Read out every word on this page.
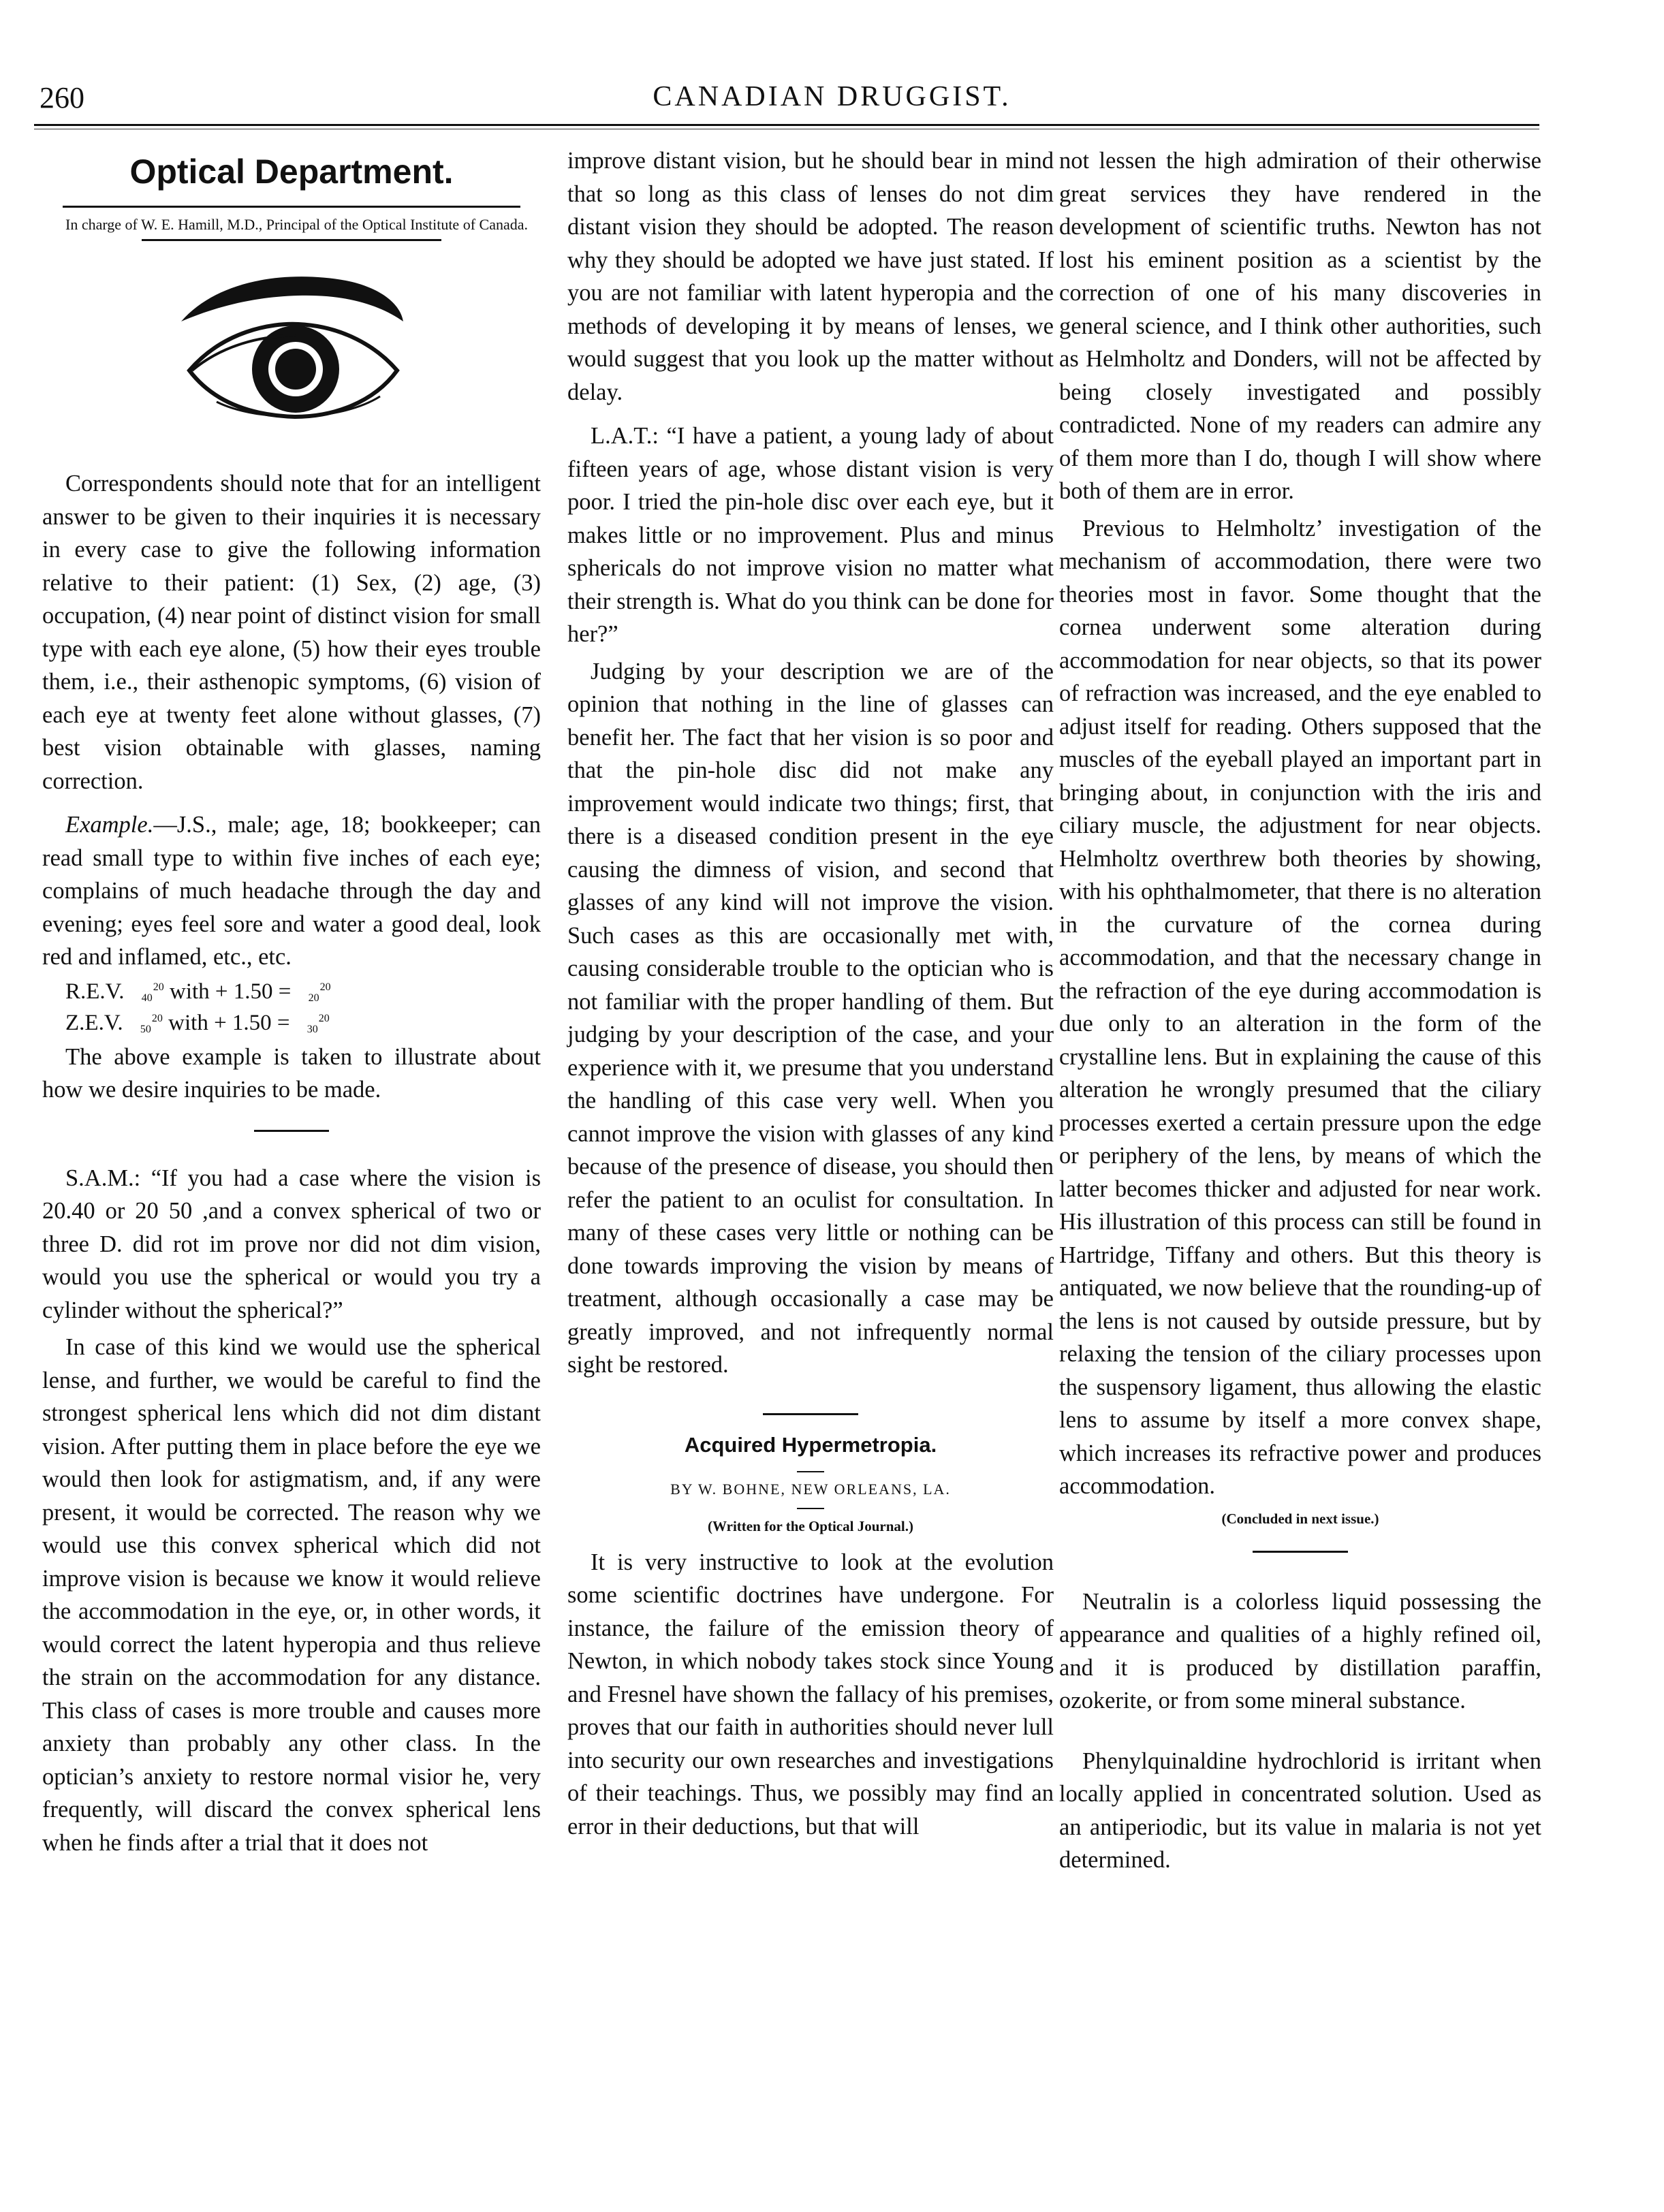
260	CANADIAN DRUGGIST.
Optical Department.

In charge of W. E. Hamill, M.D., Principal of the Optical Institute of Canada.

Correspondents should note that for an intelligent answer to be given to their inquiries it is necessary in every case to give the following information relative to their patient: (1) Sex, (2) age, (3) occupation, (4) near point of distinct vision for small type with each eye alone, (5) how their eyes trouble them, i.e., their asthenopic symptoms, (6) vision of each eye at twenty feet alone without glasses, (7) best vision obtainable with glasses, naming correction.

Example.—J.S., male; age, 18; bookkeeper; can read small type to within five inches of each eye; complains of much headache through the day and evening; eyes feel sore and water a good deal, look red and inflamed, etc., etc.

R.E.V.	20
40 with + 1.50 =	20
20

Z.E.V.	20
50 with + 1.50 =	20
30

The above example is taken to illustrate about how we desire inquiries to be made.

S.A.M.: “If you had a case where the vision is 20.40 or 20 50 ,and a convex spherical of two or three D. did rot im prove nor did not dim vision, would you use the spherical or would you try a cylinder without the spherical?”

In case of this kind we would use the spherical lense, and further, we would be careful to find the strongest spherical lens which did not dim distant vision. After putting them in place before the eye we would then look for astigmatism, and, if any were present, it would be corrected. The reason why we would use this convex spherical which did not improve vision is because we know it would relieve the accommodation in the eye, or, in other words, it would correct the latent hyperopia and thus relieve the strain on the accommodation for any distance. This class of cases is more trouble and causes more anxiety than probably any other class. In the optician’s anxiety to restore normal visior he, very frequently, will discard the convex spherical lens when he finds after a trial that it does not

improve distant vision, but he should bear in mind that so long as this class of lenses do not dim distant vision they should be adopted. The reason why they should be adopted we have just stated. If you are not familiar with latent hyperopia and the methods of developing it by means of lenses, we would suggest that you look up the matter without delay.

L.A.T.: “I have a patient, a young lady of about fifteen years of age, whose distant vision is very poor. I tried the pin-hole disc over each eye, but it makes little or no improvement. Plus and minus sphericals do not improve vision no matter what their strength is. What do you think can be done for her?”

Judging by your description we are of the opinion that nothing in the line of glasses can benefit her. The fact that her vision is so poor and that the pin-hole disc did not make any improvement would indicate two things; first, that there is a diseased condition present in the eye causing the dimness of vision, and second that glasses of any kind will not improve the vision. Such cases as this are occasionally met with, causing considerable trouble to the optician who is not familiar with the proper handling of them. But judging by your description of the case, and your experience with it, we presume that you understand the handling of this case very well. When you cannot improve the vision with glasses of any kind because of the presence of disease, you should then refer the patient to an oculist for consultation. In many of these cases very little or nothing can be done towards improving the vision by means of treatment, although occasionally a case may be greatly improved, and not infrequently normal sight be restored.

Acquired Hypermetropia.
BY W. BOHNE, NEW ORLEANS, LA.
(Written for the Optical Journal.)

It is very instructive to look at the evolution some scientific doctrines have undergone. For instance, the failure of the emission theory of Newton, in which nobody takes stock since Young and Fresnel have shown the fallacy of his premises, proves that our faith in authorities should never lull into security our own researches and investigations of their teachings. Thus, we possibly may find an error in their deductions, but that will

not lessen the high admiration of their otherwise great services they have rendered in the development of scientific truths. Newton has not lost his eminent position as a scientist by the correction of one of his many discoveries in general science, and I think other authorities, such as Helmholtz and Donders, will not be affected by being closely investigated and possibly contradicted. None of my readers can admire any of them more than I do, though I will show where both of them are in error.

Previous to Helmholtz’ investigation of the mechanism of accommodation, there were two theories most in favor. Some thought that the cornea underwent some alteration during accommodation for near objects, so that its power of refraction was increased, and the eye enabled to adjust itself for reading. Others supposed that the muscles of the eyeball played an important part in bringing about, in conjunction with the iris and ciliary muscle, the adjustment for near objects. Helmholtz overthrew both theories by showing, with his ophthalmometer, that there is no alteration in the curvature of the cornea during accommodation, and that the necessary change in the refraction of the eye during accommodation is due only to an alteration in the form of the crystalline lens. But in explaining the cause of this alteration he wrongly presumed that the ciliary processes exerted a certain pressure upon the edge or periphery of the lens, by means of which the latter becomes thicker and adjusted for near work. His illustration of this process can still be found in Hartridge, Tiffany and others. But this theory is antiquated, we now believe that the rounding-up of the lens is not caused by outside pressure, but by relaxing the tension of the ciliary processes upon the suspensory ligament, thus allowing the elastic lens to assume by itself a more convex shape, which increases its refractive power and produces accommodation.

(Concluded in next issue.)

Neutralin is a colorless liquid possessing the appearance and qualities of a highly refined oil, and it is produced by distillation paraffin, ozokerite, or from some mineral substance.

Phenylquinaldine hydrochlorid is irritant when locally applied in concentrated solution. Used as an antiperiodic, but its value in malaria is not yet determined.
